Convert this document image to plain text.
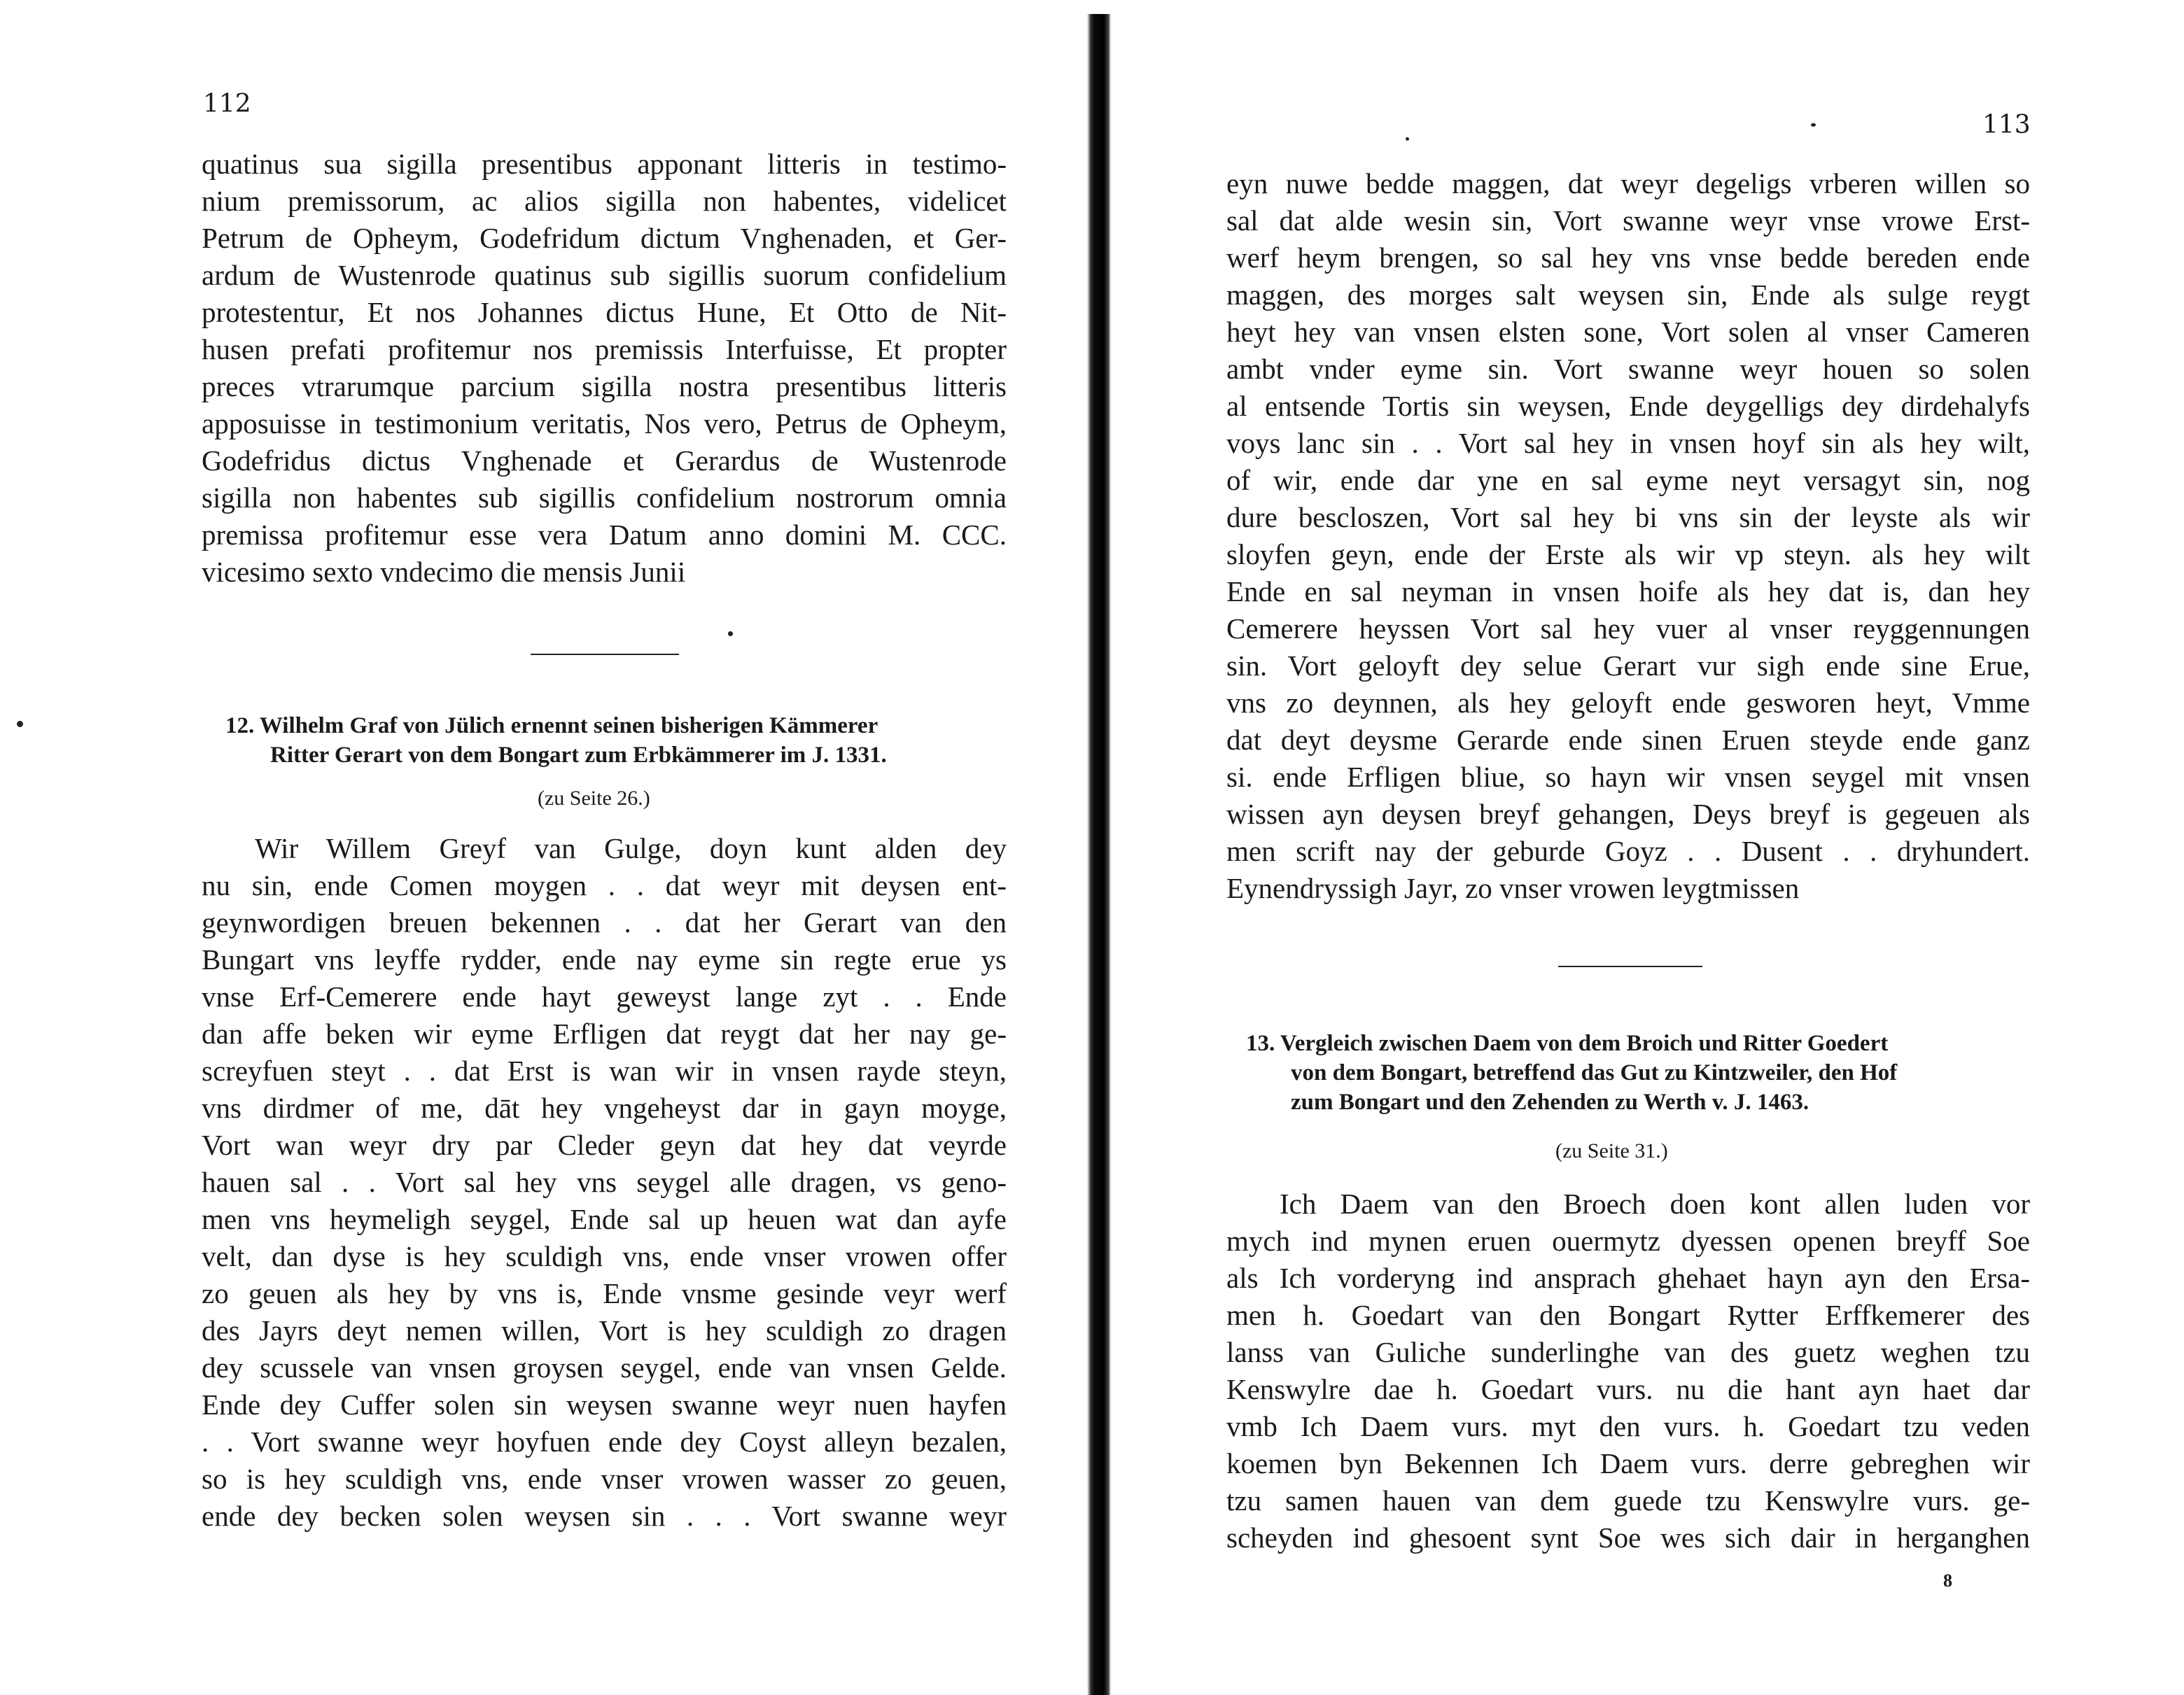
112
quatinus sua sigilla presentibus apponant litteris in testimo-
nium premissorum, ac alios sigilla non habentes, videlicet
Petrum de Opheym, Godefridum dictum Vnghenaden, et Ger-
ardum de Wustenrode quatinus sub sigillis suorum confidelium
protestentur, Et nos Johannes dictus Hune, Et Otto de Nit-
husen prefati profitemur nos premissis Interfuisse, Et propter
preces vtrarumque parcium sigilla nostra presentibus litteris
apposuisse in testimonium veritatis, Nos vero, Petrus de Opheym,
Godefridus dictus Vnghenade et Gerardus de Wustenrode
sigilla non habentes sub sigillis confidelium nostrorum omnia
premissa profitemur esse vera Datum anno domini M. CCC.
vicesimo sexto vndecimo die mensis Junii
12. Wilhelm Graf von Jülich ernennt seinen bisherigen Kämmerer
Ritter Gerart von dem Bongart zum Erbkämmerer im J. 1331.
(zu Seite 26.)
Wir Willem Greyf van Gulge, doyn kunt alden dey
nu sin, ende Comen moygen . . dat weyr mit deysen ent-
geynwordigen breuen bekennen . . dat her Gerart van den
Bungart vns leyffe rydder, ende nay eyme sin regte erue ys
vnse Erf-Cemerere ende hayt geweyst lange zyt . . Ende
dan affe beken wir eyme Erfligen dat reygt dat her nay ge-
screyfuen steyt . . dat Erst is wan wir in vnsen rayde steyn,
vns dirdmer of me, dāt hey vngeheyst dar in gayn moyge,
Vort wan weyr dry par Cleder geyn dat hey dat veyrde
hauen sal . . Vort sal hey vns seygel alle dragen, vs geno-
men vns heymeligh seygel, Ende sal up heuen wat dan ayfe
velt, dan dyse is hey sculdigh vns, ende vnser vrowen offer
zo geuen als hey by vns is, Ende vnsme gesinde veyr werf
des Jayrs deyt nemen willen, Vort is hey sculdigh zo dragen
dey scussele van vnsen groysen seygel, ende van vnsen Gelde.
Ende dey Cuffer solen sin weysen swanne weyr nuen hayfen
. . Vort swanne weyr hoyfuen ende dey Coyst alleyn bezalen,
so is hey sculdigh vns, ende vnser vrowen wasser zo geuen,
ende dey becken solen weysen sin . . . Vort swanne weyr
113
eyn nuwe bedde maggen, dat weyr degeligs vrberen willen so
sal dat alde wesin sin, Vort swanne weyr vnse vrowe Erst-
werf heym brengen, so sal hey vns vnse bedde bereden ende
maggen, des morges salt weysen sin, Ende als sulge reygt
heyt hey van vnsen elsten sone, Vort solen al vnser Cameren
ambt vnder eyme sin. Vort swanne weyr houen so solen
al entsende Tortis sin weysen, Ende deygelligs dey dirdehalyfs
voys lanc sin . . Vort sal hey in vnsen hoyf sin als hey wilt,
of wir, ende dar yne en sal eyme neyt versagyt sin, nog
dure bescloszen, Vort sal hey bi vns sin der leyste als wir
sloyfen geyn, ende der Erste als wir vp steyn. als hey wilt
Ende en sal neyman in vnsen hoife als hey dat is, dan hey
Cemerere heyssen Vort sal hey vuer al vnser reyggennungen
sin. Vort geloyft dey selue Gerart vur sigh ende sine Erue,
vns zo deynnen, als hey geloyft ende gesworen heyt, Vmme
dat deyt deysme Gerarde ende sinen Eruen steyde ende ganz
si. ende Erfligen bliue, so hayn wir vnsen seygel mit vnsen
wissen ayn deysen breyf gehangen, Deys breyf is gegeuen als
men scrift nay der geburde Goyz . . Dusent . . dryhundert.
Eynendryssigh Jayr, zo vnser vrowen leygtmissen
13. Vergleich zwischen Daem von dem Broich und Ritter Goedert
von dem Bongart, betreffend das Gut zu Kintzweiler, den Hof
zum Bongart und den Zehenden zu Werth v. J. 1463.
(zu Seite 31.)
Ich Daem van den Broech doen kont allen luden vor
mych ind mynen eruen ouermytz dyessen openen breyff Soe
als Ich vorderyng ind ansprach ghehaet hayn ayn den Ersa-
men h. Goedart van den Bongart Rytter Erffkemerer des
lanss van Guliche sunderlinghe van des guetz weghen tzu
Kenswylre dae h. Goedart vurs. nu die hant ayn haet dar
vmb Ich Daem vurs. myt den vurs. h. Goedart tzu veden
koemen byn Bekennen Ich Daem vurs. derre gebreghen wir
tzu samen hauen van dem guede tzu Kenswylre vurs. ge-
scheyden ind ghesoent synt Soe wes sich dair in herganghen
8
